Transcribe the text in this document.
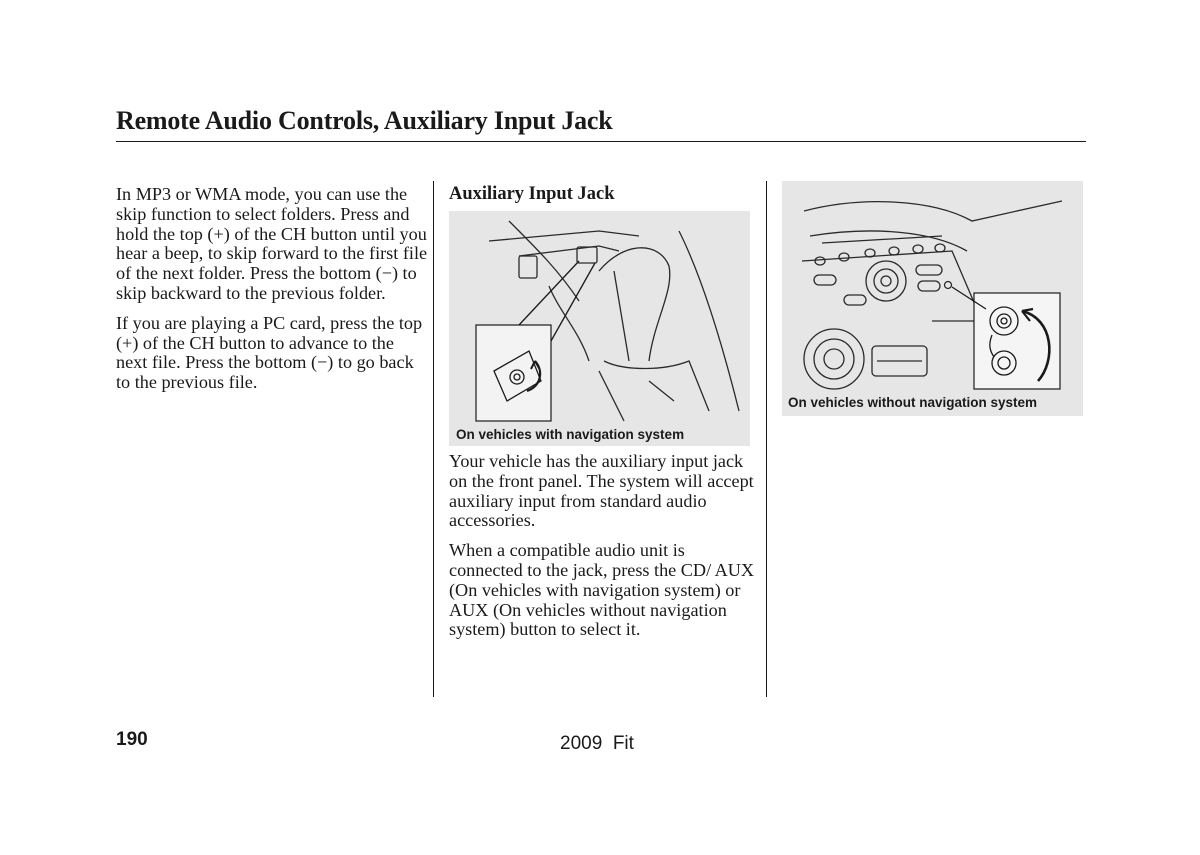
Remote Audio Controls, Auxiliary Input Jack

In MP3 or WMA mode, you can use the skip function to select folders. Press and hold the top (+) of the CH button until you hear a beep, to skip forward to the first file of the next folder. Press the bottom (−) to skip backward to the previous folder.

If you are playing a PC card, press the top (+) of the CH button to advance to the next file. Press the bottom (−) to go back to the previous file.

Auxiliary Input Jack

On vehicles with navigation system

Your vehicle has the auxiliary input jack on the front panel. The system will accept auxiliary input from standard audio accessories.

When a compatible audio unit is connected to the jack, press the CD/ AUX (On vehicles with navigation system) or AUX (On vehicles without navigation system) button to select it.

On vehicles without navigation system

190	2009  Fit
